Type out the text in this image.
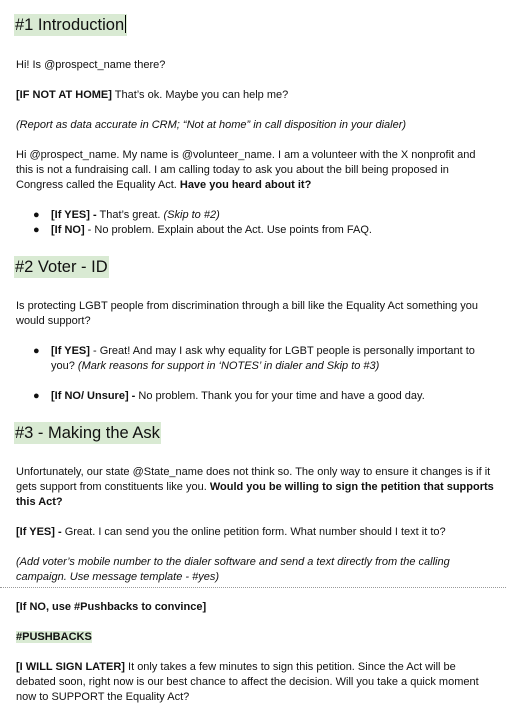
#1 Introduction
Hi! Is @prospect_name there?
[IF NOT AT HOME] That’s ok. Maybe you can help me?
(Report as data accurate in CRM; “Not at home” in call disposition in your dialer)
Hi @prospect_name. My name is @volunteer_name. I am a volunteer with the X nonprofit and this is not a fundraising call. I am calling today to ask you about the bill being proposed in Congress called the Equality Act. Have you heard about it?
● [If YES] - That’s great. (Skip to #2)
● [If NO] - No problem. Explain about the Act. Use points from FAQ.
#2 Voter - ID
Is protecting LGBT people from discrimination through a bill like the Equality Act something you would support?
● [If YES] - Great! And may I ask why equality for LGBT people is personally important to you? (Mark reasons for support in ‘NOTES’ in dialer and Skip to #3)
● [If NO/ Unsure] - No problem. Thank you for your time and have a good day.
#3 - Making the Ask
Unfortunately, our state @State_name does not think so. The only way to ensure it changes is if it gets support from constituents like you. Would you be willing to sign the petition that supports this Act?
[If YES] - Great. I can send you the online petition form. What number should I text it to?
(Add voter’s mobile number to the dialer software and send a text directly from the calling campaign. Use message template - #yes)
[If NO, use #Pushbacks to convince]
#PUSHBACKS
[I WILL SIGN LATER] It only takes a few minutes to sign this petition. Since the Act will be debated soon, right now is our best chance to affect the decision. Will you take a quick moment now to SUPPORT the Equality Act?
